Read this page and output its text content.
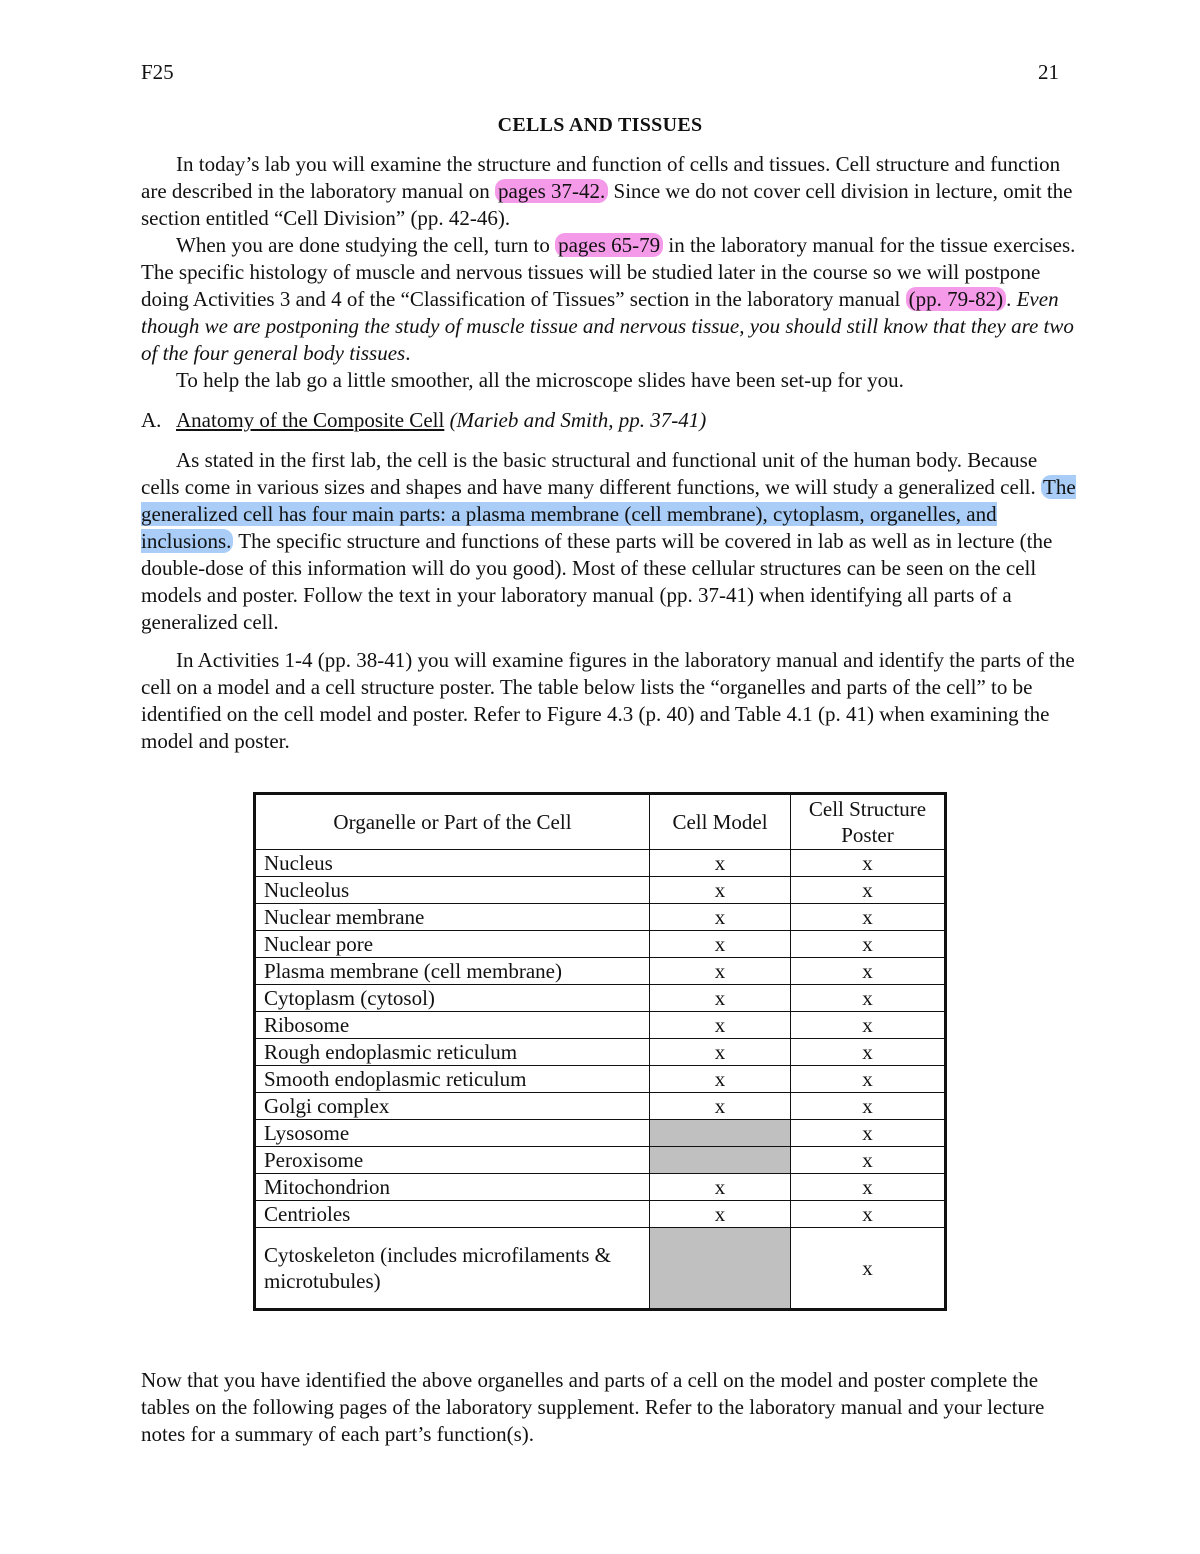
F25	21
CELLS AND TISSUES

In today’s lab you will examine the structure and function of cells and tissues. Cell structure and function are described in the laboratory manual on pages 37-42. Since we do not cover cell division in lecture, omit the section entitled “Cell Division” (pp. 42-46).

When you are done studying the cell, turn to pages 65-79 in the laboratory manual for the tissue exercises. The specific histology of muscle and nervous tissues will be studied later in the course so we will postpone doing Activities 3 and 4 of the “Classification of Tissues” section in the laboratory manual (pp. 79-82) . Even though we are postponing the study of muscle tissue and nervous tissue, you should still know that they are two of the four general body tissues.

To help the lab go a little smoother, all the microscope slides have been set-up for you.

A. Anatomy of the Composite Cell (Marieb and Smith, pp. 37-41)

As stated in the first lab, the cell is the basic structural and functional unit of the human body. Because cells come in various sizes and shapes and have many different functions, we will study a generalized cell. The generalized cell has four main parts: a plasma membrane (cell membrane), cytoplasm, organelles, and inclusions. The specific structure and functions of these parts will be covered in lab as well as in lecture (the double-dose of this information will do you good). Most of these cellular structures can be seen on the cell models and poster. Follow the text in your laboratory manual (pp. 37-41) when identifying all parts of a generalized cell.

In Activities 1-4 (pp. 38-41) you will examine figures in the laboratory manual and identify the parts of the cell on a model and a cell structure poster. The table below lists the “organelles and parts of the cell” to be identified on the cell model and poster. Refer to Figure 4.3 (p. 40) and Table 4.1 (p. 41) when examining the model and poster.

Organelle or Part of the Cell	Cell Model	Cell Structure Poster
Nucleus	x	x
Nucleolus	x	x
Nuclear membrane	x	x
Nuclear pore	x	x
Plasma membrane (cell membrane)	x	x
Cytoplasm (cytosol)	x	x
Ribosome	x	x
Rough endoplasmic reticulum	x	x
Smooth endoplasmic reticulum	x	x
Golgi complex	x	x
Lysosome		x
Peroxisome		x
Mitochondrion	x	x
Centrioles	x	x
Cytoskeleton (includes microfilaments & microtubules)		x
Now that you have identified the above organelles and parts of a cell on the model and poster complete the tables on the following pages of the laboratory supplement. Refer to the laboratory manual and your lecture notes for a summary of each part’s function(s).
